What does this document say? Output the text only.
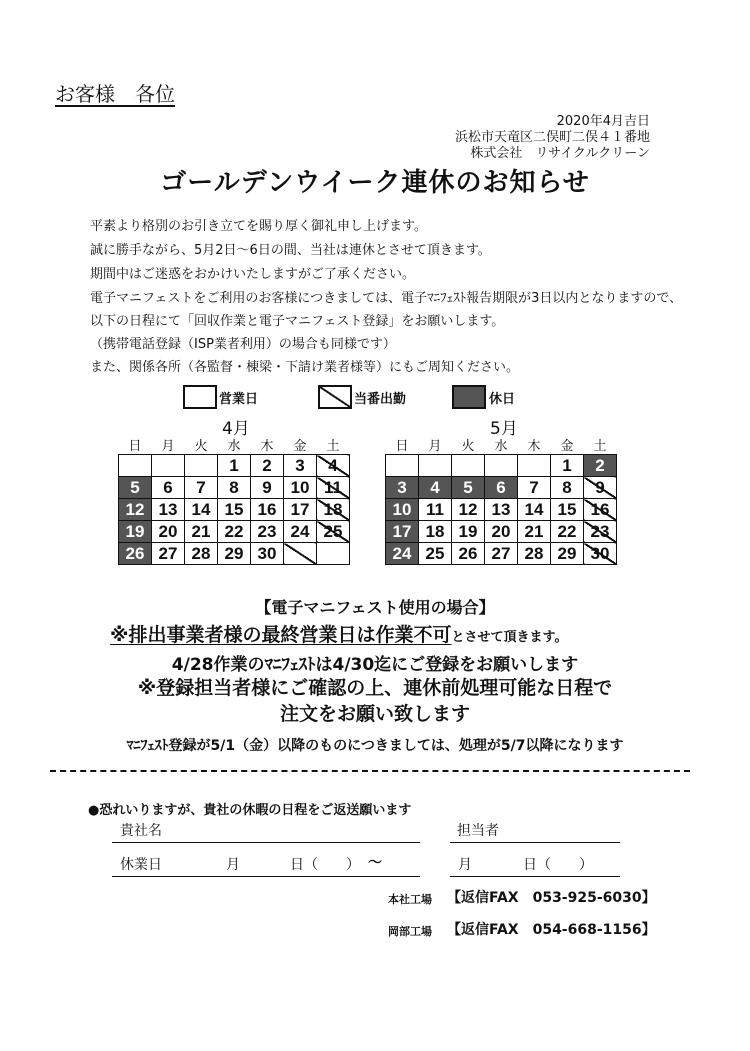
お客様　各位
2020年4月吉日
浜松市天竜区二俣町二俣４１番地
株式会社　リサイクルクリーン
ゴールデンウイーク連休のお知らせ
平素より格別のお引き立てを賜り厚く御礼申し上げます。
誠に勝手ながら、5月2日～6日の間、当社は連休とさせて頂きます。
期間中はご迷惑をおかけいたしますがご了承ください。
電子マニフェストをご利用のお客様につきましては、電子ﾏﾆﾌｪｽﾄ報告期限が3日以内となりますので、
以下の日程にて「回収作業と電子マニフェスト登録」をお願いします。
（携帯電話登録（ISP業者利用）の場合も同様です）
また、関係各所（各監督・棟梁・下請け業者様等）にもご周知ください。
営業日	当番出勤	休日
4月	5月
日	月	火	水	木	金	土
			1	2	3	4
5	6	7	8	9	10	11
12	13	14	15	16	17	18
19	20	21	22	23	24	25
26	27	28	29	30		
日	月	火	水	木	金	土
					1	2
3	4	5	6	7	8	9
10	11	12	13	14	15	16
17	18	19	20	21	22	23
24	25	26	27	28	29	30
【電子マニフェスト使用の場合】
※排出事業者様の最終営業日は作業不可とさせて頂きます。
4/28作業のﾏﾆﾌｪｽﾄは4/30迄にご登録をお願いします
※登録担当者様にご確認の上、連休前処理可能な日程で
注文をお願い致します
ﾏﾆﾌｪｽﾄ登録が5/1（金）以降のものにつきましては、処理が5/7以降になります
●恐れいりますが、貴社の休暇の日程をご返送願います
貴社名	担当者
休業日	月	日（　　） ～	月	日（　　）
本社工場 【返信FAX　053-925-6030】
岡部工場 【返信FAX　054-668-1156】
